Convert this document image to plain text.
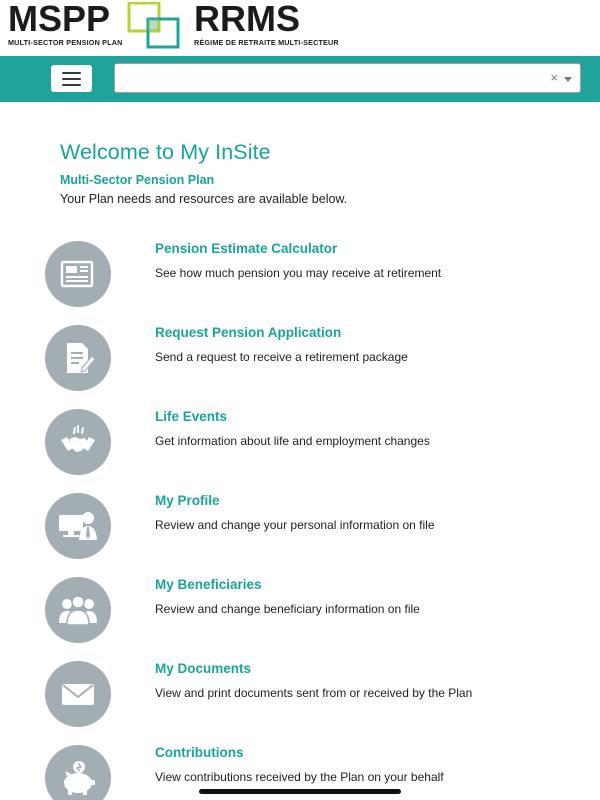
MSPP
MULTI-SECTOR PENSION PLAN
RRMS
RÉGIME DE RETRAITE MULTI-SECTEUR
×
Welcome to My InSite
Multi-Sector Pension Plan
Your Plan needs and resources are available below.
Pension Estimate Calculator
See how much pension you may receive at retirement
Request Pension Application
Send a request to receive a retirement package
Life Events
Get information about life and employment changes
My Profile
Review and change your personal information on file
My Beneficiaries
Review and change beneficiary information on file
My Documents
View and print documents sent from or received by the Plan
Contributions
View contributions received by the Plan on your behalf
